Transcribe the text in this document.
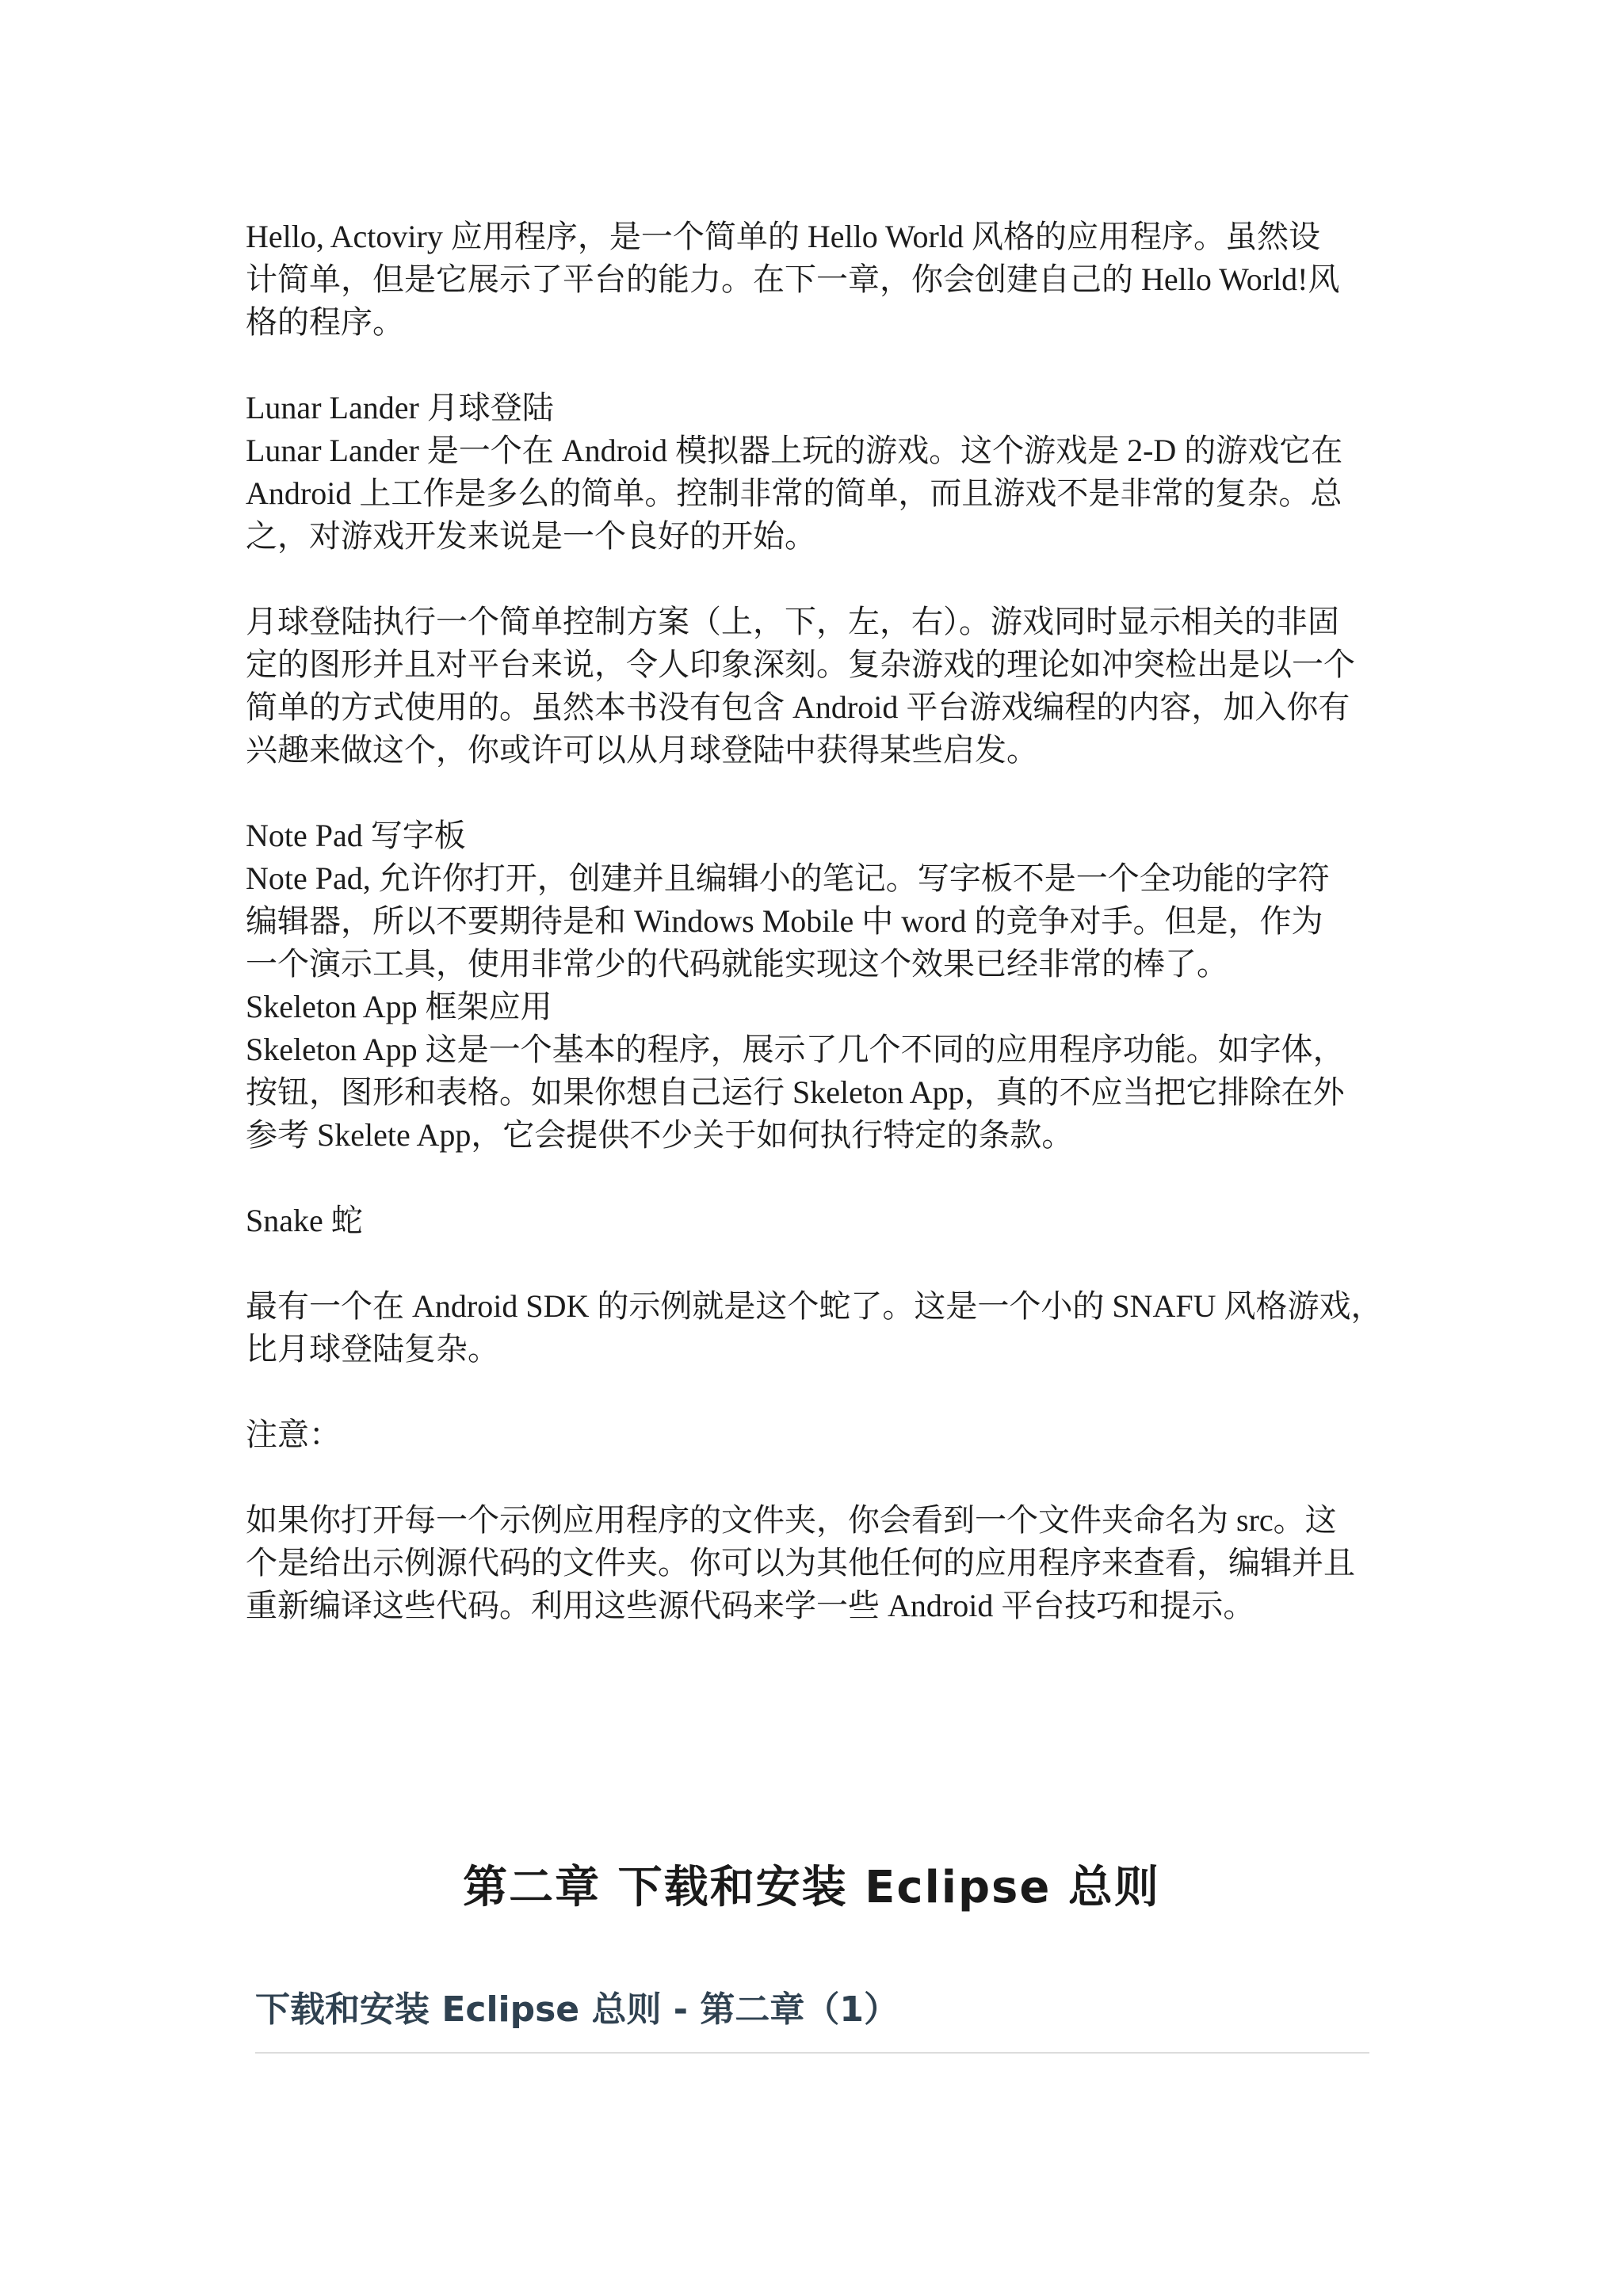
Hello, Actoviry 应用程序，是一个简单的 Hello World 风格的应用程序。虽然设

计简单，但是它展示了平台的能力。在下一章，你会创建自己的 Hello World!风

格的程序。

Lunar Lander 月球登陆

Lunar Lander 是一个在 Android 模拟器上玩的游戏。这个游戏是 2-D 的游戏它在

Android 上工作是多么的简单。控制非常的简单，而且游戏不是非常的复杂。总

之，对游戏开发来说是一个良好的开始。

月球登陆执行一个简单控制方案（上，下，左，右）。游戏同时显示相关的非固

定的图形并且对平台来说，令人印象深刻。复杂游戏的理论如冲突检出是以一个

简单的方式使用的。虽然本书没有包含 Android 平台游戏编程的内容，加入你有

兴趣来做这个，你或许可以从月球登陆中获得某些启发。

Note Pad 写字板

Note Pad, 允许你打开，创建并且编辑小的笔记。写字板不是一个全功能的字符

编辑器，所以不要期待是和 Windows Mobile 中 word 的竞争对手。但是，作为

一个演示工具，使用非常少的代码就能实现这个效果已经非常的棒了。

Skeleton App 框架应用

Skeleton App 这是一个基本的程序，展示了几个不同的应用程序功能。如字体，

按钮，图形和表格。如果你想自己运行 Skeleton App，真的不应当把它排除在外

参考 Skelete App，它会提供不少关于如何执行特定的条款。

Snake 蛇

最有一个在 Android SDK 的示例就是这个蛇了。这是一个小的 SNAFU 风格游戏，

比月球登陆复杂。

注意：

如果你打开每一个示例应用程序的文件夹，你会看到一个文件夹命名为 src。这

个是给出示例源代码的文件夹。你可以为其他任何的应用程序来查看，编辑并且

重新编译这些代码。利用这些源代码来学一些 Android 平台技巧和提示。

第二章 下载和安装 Eclipse 总则
下载和安装 Eclipse 总则 - 第二章（1）
